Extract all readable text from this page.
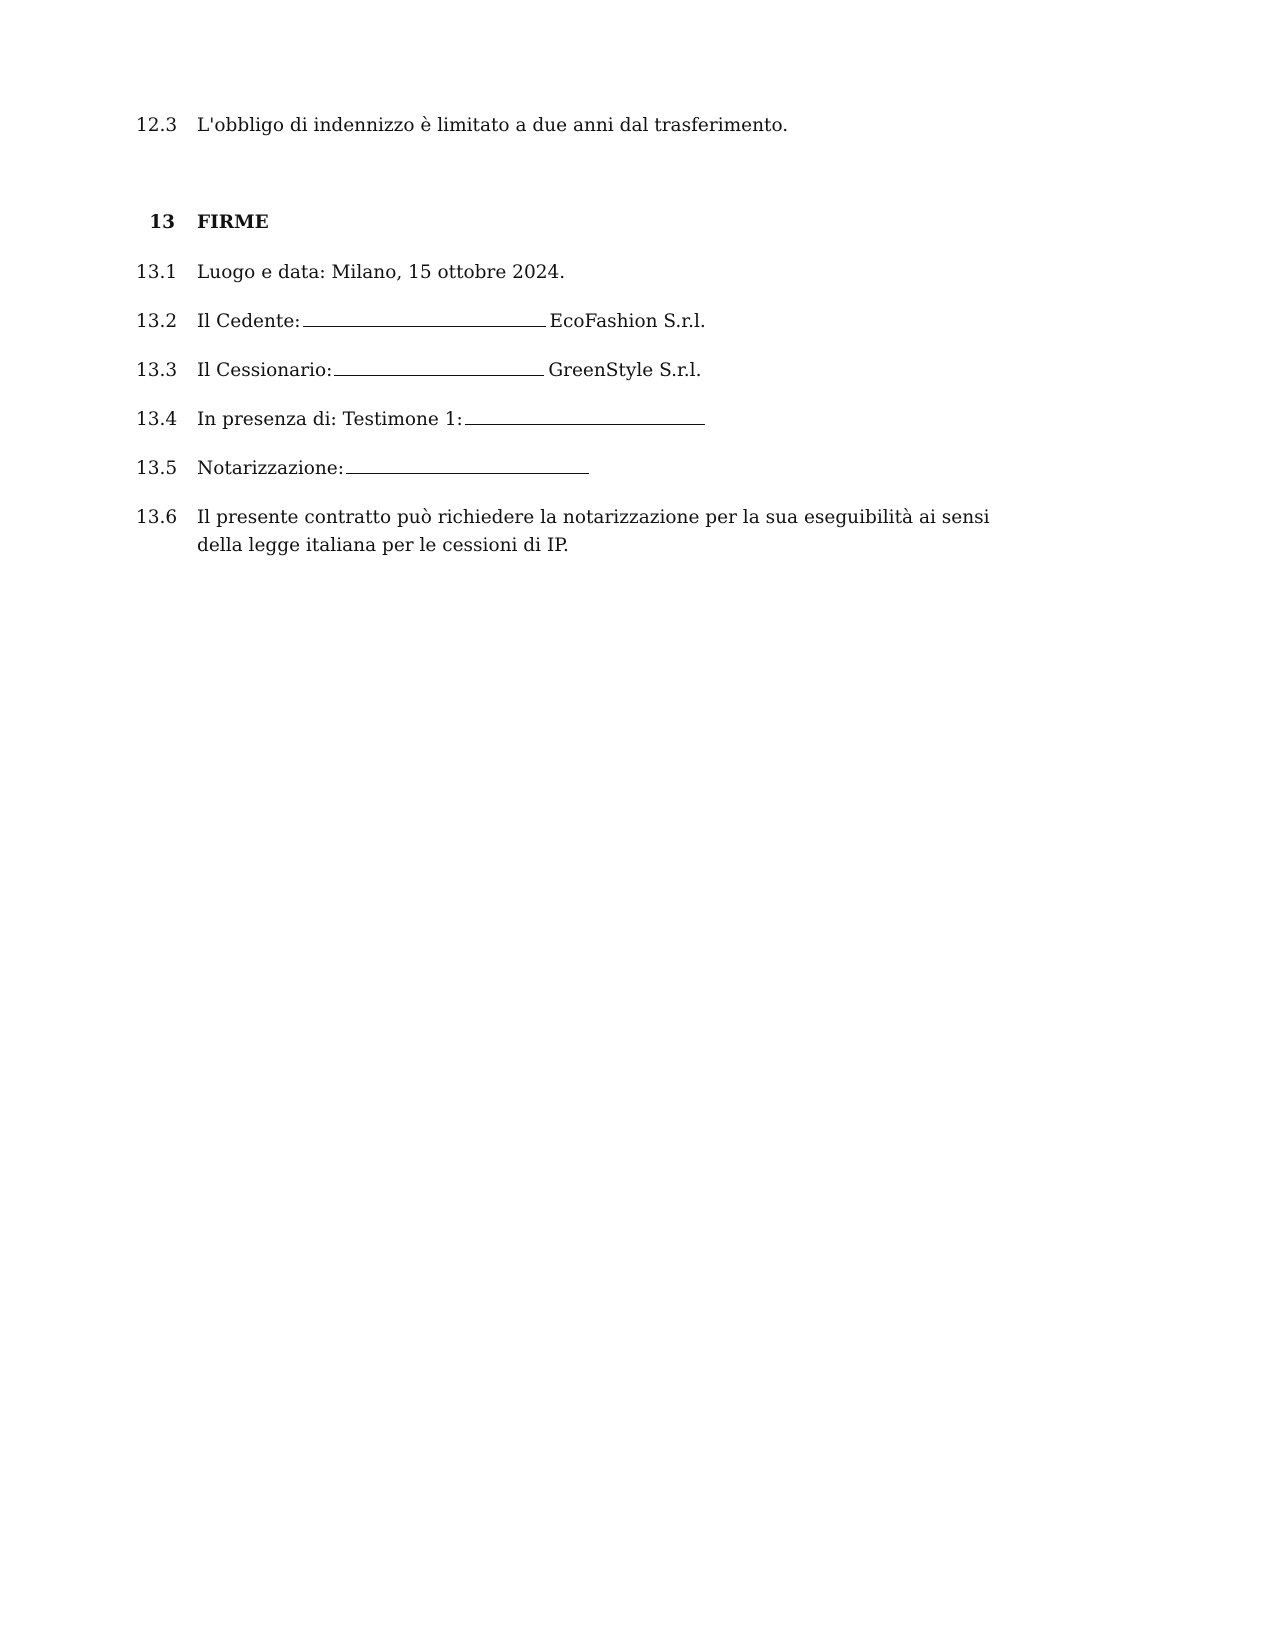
12.3	L'obbligo di indennizzo è limitato a due anni dal trasferimento.
13	FIRME
13.1	Luogo e data: Milano, 15 ottobre 2024.
13.2	Il Cedente:	EcoFashion S.r.l.
13.3	Il Cessionario:	GreenStyle S.r.l.
13.4	In presenza di: Testimone 1:
13.5	Notarizzazione:
13.6	Il presente contratto può richiedere la notarizzazione per la sua eseguibilità ai sensi della legge italiana per le cessioni di IP.
